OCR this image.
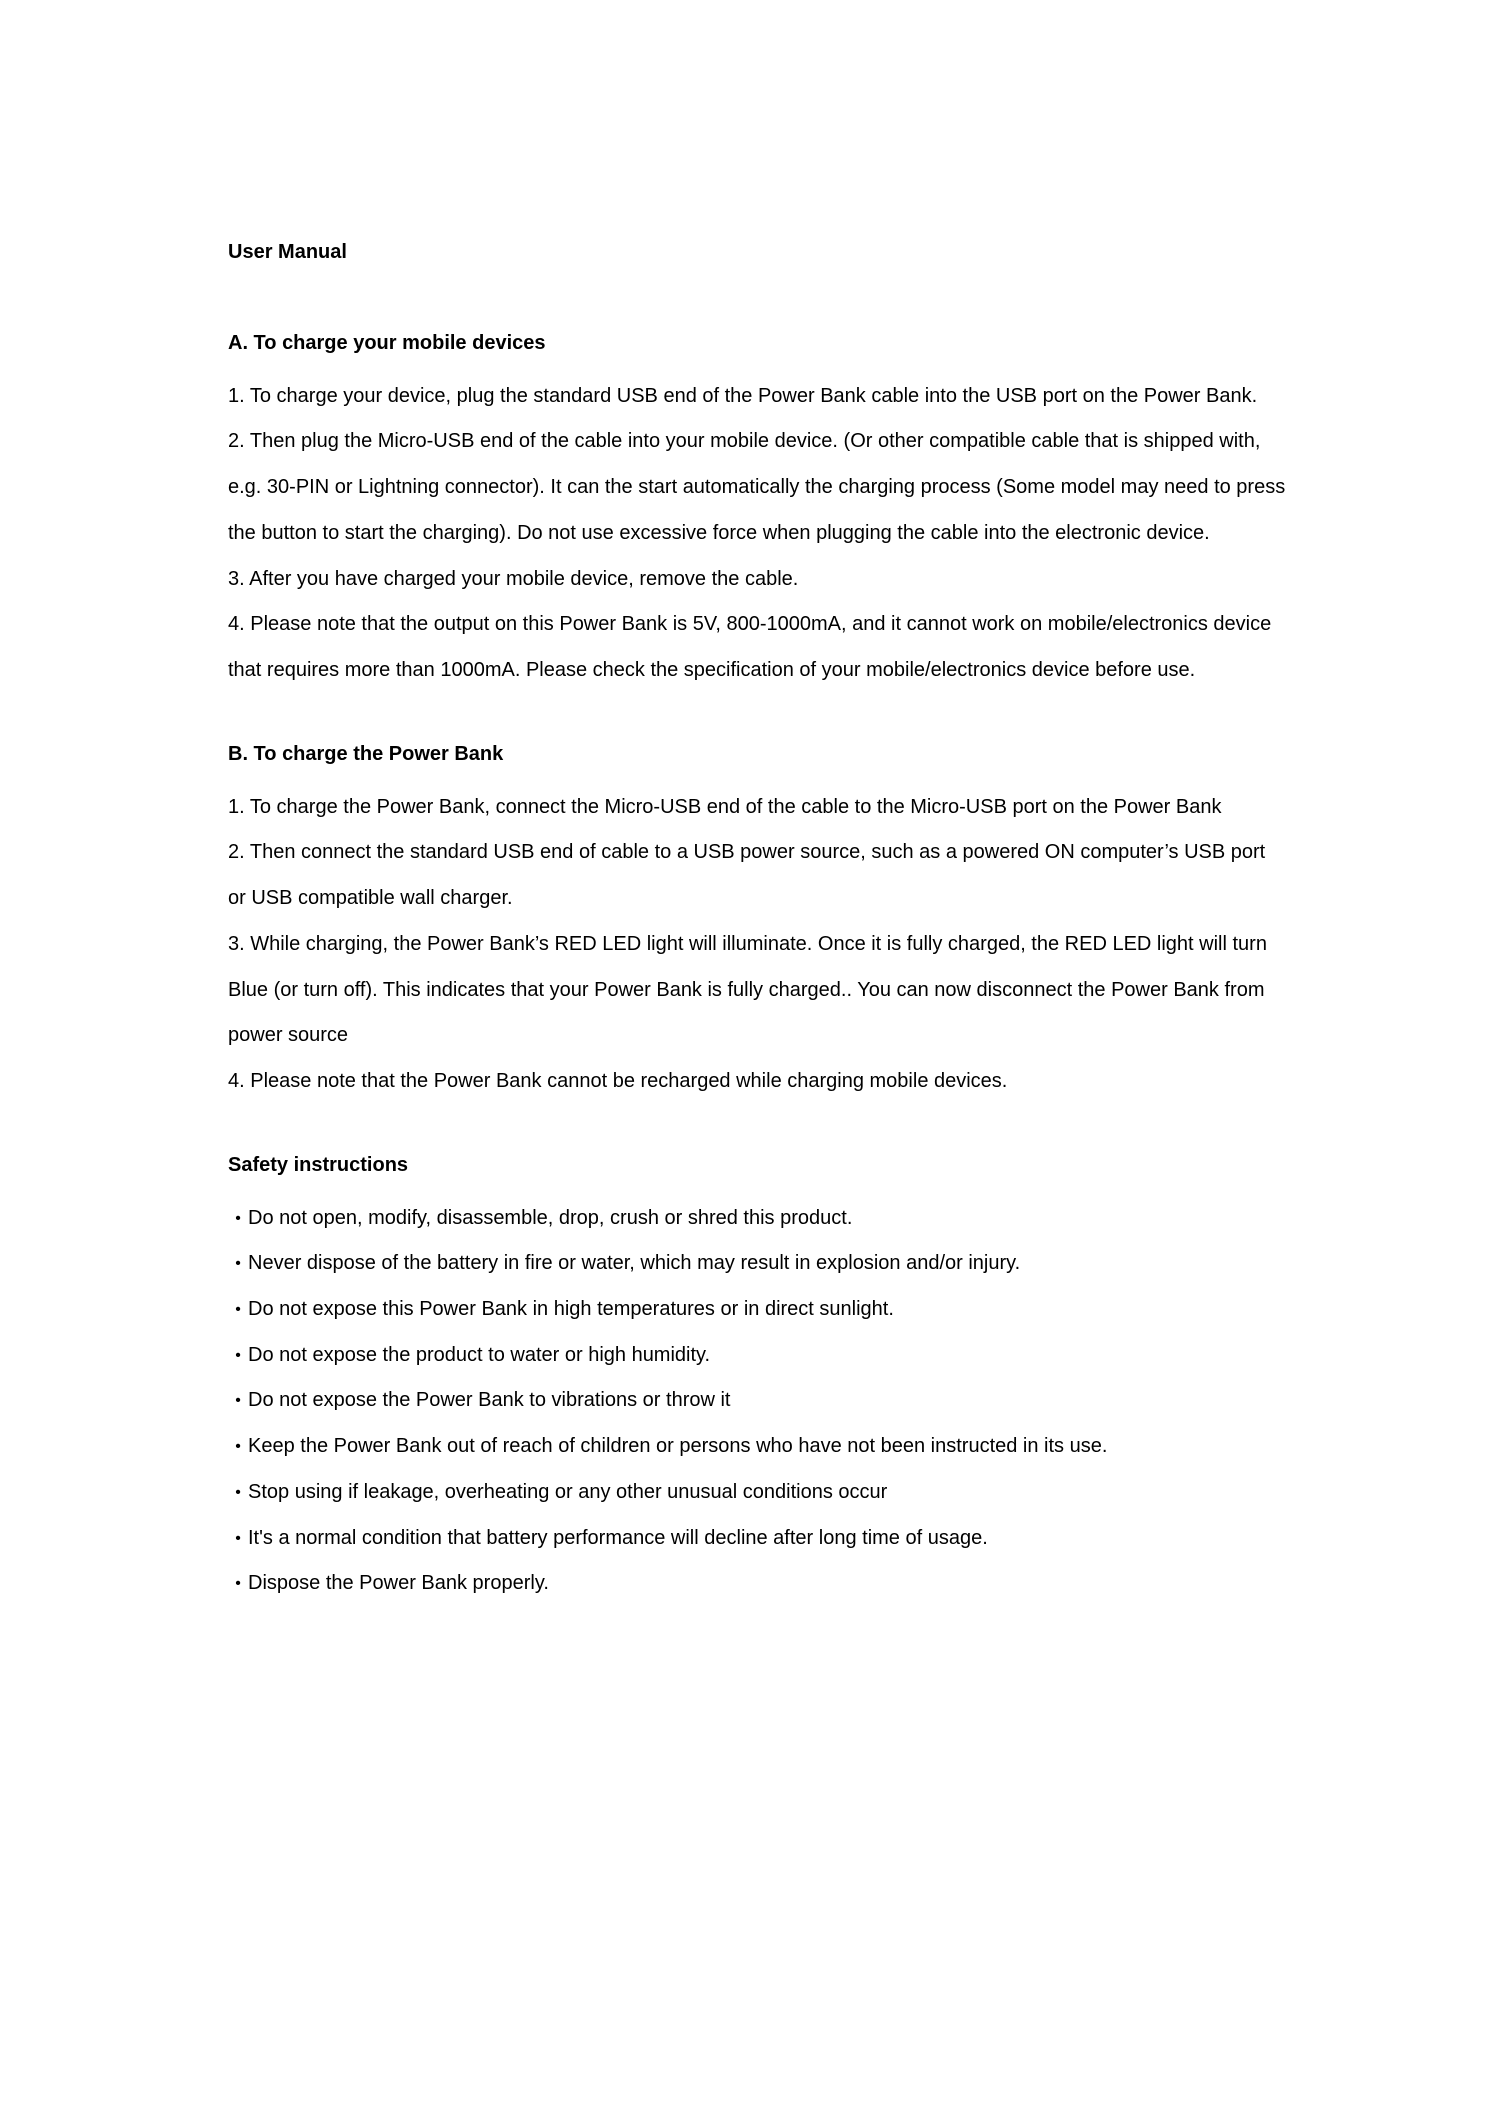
User Manual
A. To charge your mobile devices

1. To charge your device, plug the standard USB end of the Power Bank cable into the USB port on the Power Bank.

2. Then plug the Micro-USB end of the cable into your mobile device. (Or other compatible cable that is shipped with, e.g. 30-PIN or Lightning connector). It can the start automatically the charging process (Some model may need to press the button to start the charging). Do not use excessive force when plugging the cable into the electronic device.

3. After you have charged your mobile device, remove the cable.

4. Please note that the output on this Power Bank is 5V, 800-1000mA, and it cannot work on mobile/electronics device that requires more than 1000mA. Please check the specification of your mobile/electronics device before use.

B. To charge the Power Bank

1. To charge the Power Bank, connect the Micro-USB end of the cable to the Micro-USB port on the Power Bank

2. Then connect the standard USB end of cable to a USB power source, such as a powered ON computer’s USB port or USB compatible wall charger.

3. While charging, the Power Bank’s RED LED light will illuminate. Once it is fully charged, the RED LED light will turn Blue (or turn off). This indicates that your Power Bank is fully charged.. You can now disconnect the Power Bank from power source

4. Please note that the Power Bank cannot be recharged while charging mobile devices.

Safety instructions
• Do not open, modify, disassemble, drop, crush or shred this product.
• Never dispose of the battery in fire or water, which may result in explosion and/or injury.
• Do not expose this Power Bank in high temperatures or in direct sunlight.
• Do not expose the product to water or high humidity.
• Do not expose the Power Bank to vibrations or throw it
• Keep the Power Bank out of reach of children or persons who have not been instructed in its use.
• Stop using if leakage, overheating or any other unusual conditions occur
• It's a normal condition that battery performance will decline after long time of usage.
• Dispose the Power Bank properly.
